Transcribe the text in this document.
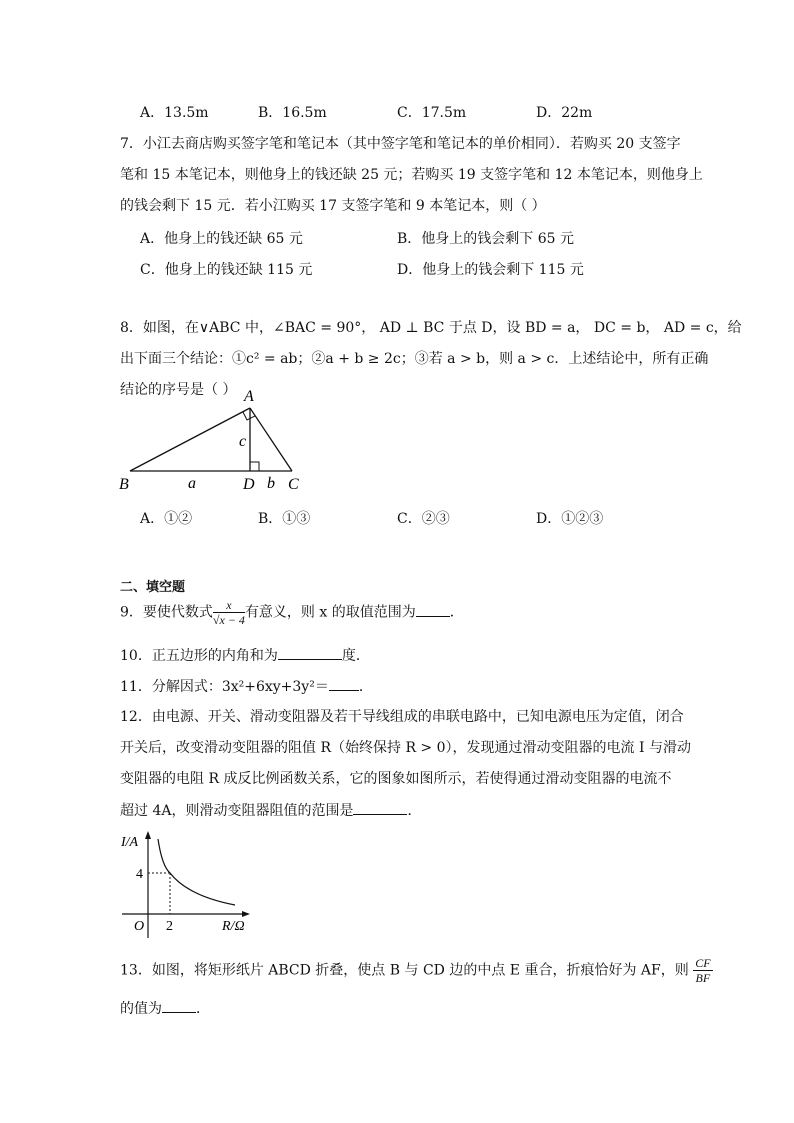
A．13.5m	B．16.5m	C．17.5m	D．22m
7．小江去商店购买签字笔和笔记本（其中签字笔和笔记本的单价相同）．若购买 20 支签字
笔和 15 本笔记本，则他身上的钱还缺 25 元；若购买 19 支签字笔和 12 本笔记本，则他身上
的钱会剩下 15 元．若小江购买 17 支签字笔和 9 本笔记本，则（ ）
A．他身上的钱还缺 65 元	B．他身上的钱会剩下 65 元
C．他身上的钱还缺 115 元	D．他身上的钱会剩下 115 元
8．如图，在∨ABC 中，∠BAC = 90°， AD ⊥ BC 于点 D，设 BD = a， DC = b， AD = c，给
出下面三个结论：①c² = ab；②a + b ≥ 2c；③若 a > b，则 a > c．上述结论中，所有正确
结论的序号是（ ） A
B	C
D
a	b
c
A．①②	B．①③	C．②③	D．①②③
二、填空题
9．要使代数式 $\frac{x}{√x - 4}$ 有意义，则 x 的取值范围为 ．
10．正五边形的内角和为	度．
11．分解因式：3x²+6xy+3y²＝ ．
12．由电源、开关、滑动变阻器及若干导线组成的串联电路中，已知电源电压为定值，闭合
开关后，改变滑动变阻器的阻值 R（始终保持 R > 0），发现通过滑动变阻器的电流 I 与滑动
变阻器的电阻 R 成反比例函数关系，它的图象如图所示，若使得通过滑动变阻器的电流不
超过 4A，则滑动变阻器阻值的范围是	．
I/A
4
O 2	R/Ω
13．如图，将矩形纸片 ABCD 折叠，使点 B 与 CD 边的中点 E 重合，折痕恰好为 AF，则 $\frac{CF}{BF}$
的值为 ．
